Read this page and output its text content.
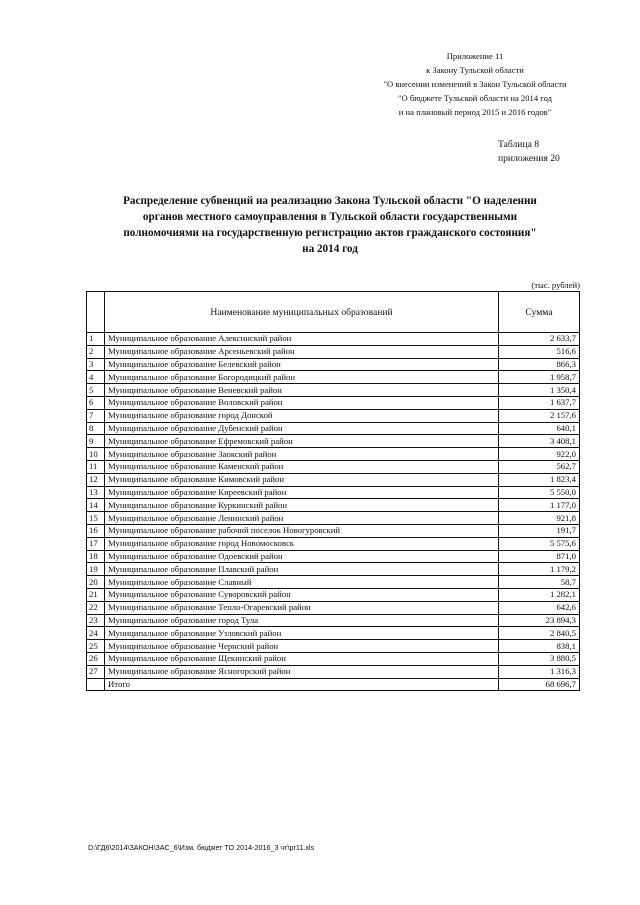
Приложение 11
к Закону Тульской области
"О внесении изменений в Закон Тульской области
"О бюджете Тульской области на 2014 год
и на плановый период 2015 и 2016 годов"
Таблица 8
приложения 20
Распределение субвенций на реализацию Закона Тульской области "О наделении
органов местного самоуправления в Тульской области государственными
полномочиями на государственную регистрацию актов гражданского состояния"
на 2014 год
(тыс. рублей)
	Наименование муниципальных образований	Сумма
1	Муниципальное образование Алексинский район	2 633,7
2	Муниципальное образование Арсеньевский район	516,6
3	Муниципальное образование Белевский район	866,3
4	Муниципальное образование Богородицкий район	1 958,7
5	Муниципальное образование Веневский район	1 350,4
6	Муниципальное образование Воловский район	1 637,7
7	Муниципальное образование город Донской	2 157,6
8	Муниципальное образование Дубенский район	640,1
9	Муниципальное образование Ефремовский район	3 408,1
10	Муниципальное образование Заокский район	922,0
11	Муниципальное образование Каменский район	562,7
12	Муниципальное образование Кимовский район	1 823,4
13	Муниципальное образование Киреевский район	5 550,0
14	Муниципальное образование Куркинский район	1 177,0
15	Муниципальное образование Ленинский район	921,8
16	Муниципальное образование рабочий поселок Новогуровский	191,7
17	Муниципальное образование город Новомосковск	5 575,6
18	Муниципальное образование Одоевский район	871,0
19	Муниципальное образование Плавский район	1 179,2
20	Муниципальное образование Славный	58,7
21	Муниципальное образование Суворовский район	1 282,1
22	Муниципальное образование Тепло-Огаревский район	642,6
23	Муниципальное образование город Тула	23 894,3
24	Муниципальное образование Узловский район	2 840,5
25	Муниципальное образование Чернский район	838,1
26	Муниципальное образование Щекинский район	3 880,5
27	Муниципальное образование Ясногорский район	1 316,3
	Итого	68 696,7
D:\ГД6\2014\ЗАКОН\ЗАС_6\Изм. бюджет ТО 2014-2016_3 чт\pr11.xls
